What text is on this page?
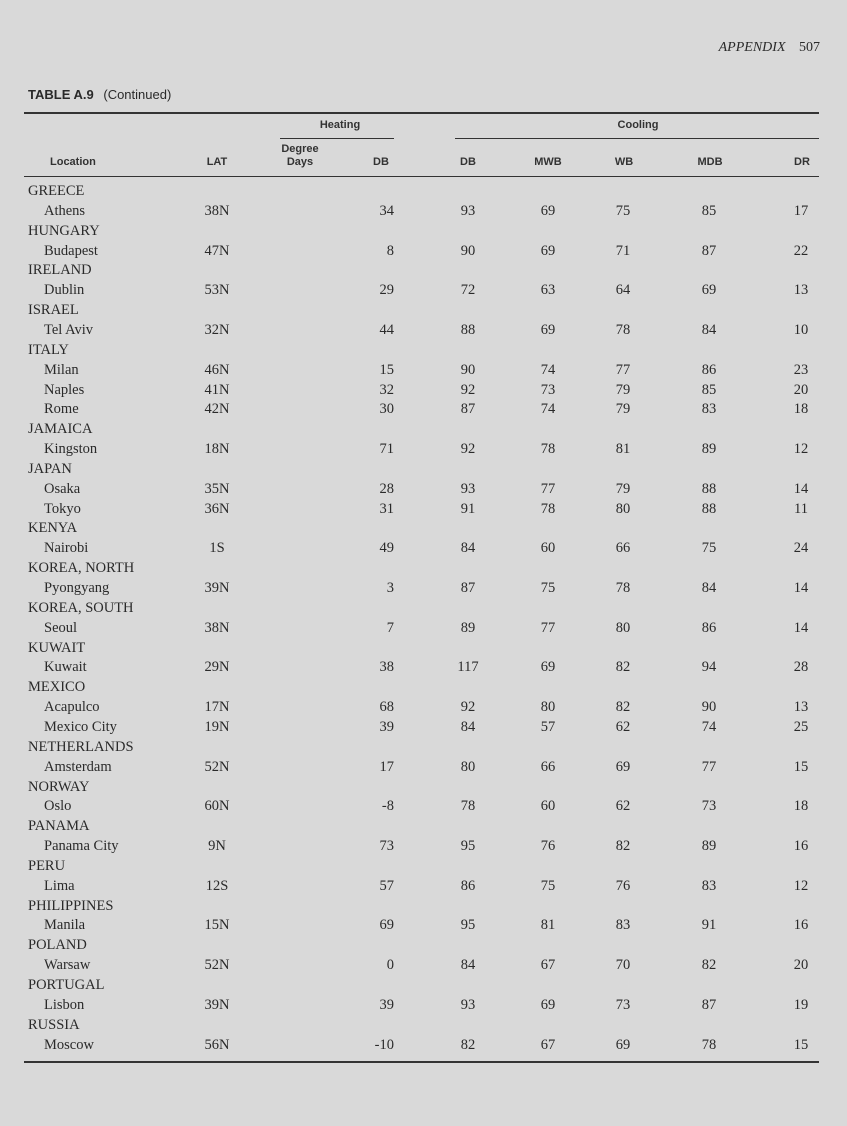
APPENDIX 507
TABLE A.9 (Continued)
Heating	Cooling
Location	LAT
Degree
Days	DB	DB	MWB	WB	MDB	DR
GREECE
Athens	38N	34	93	69	75	85	17
HUNGARY
Budapest	47N	8	90	69	71	87	22
IRELAND
Dublin	53N	29	72	63	64	69	13
ISRAEL
Tel Aviv	32N	44	88	69	78	84	10
ITALY
Milan	46N	15	90	74	77	86	23
Naples	41N	32	92	73	79	85	20
Rome	42N	30	87	74	79	83	18
JAMAICA
Kingston	18N	71	92	78	81	89	12
JAPAN
Osaka	35N	28	93	77	79	88	14
Tokyo	36N	31	91	78	80	88	11
KENYA
Nairobi	1S	49	84	60	66	75	24
KOREA, NORTH
Pyongyang	39N	3	87	75	78	84	14
KOREA, SOUTH
Seoul	38N	7	89	77	80	86	14
KUWAIT
Kuwait	29N	38	117	69	82	94	28
MEXICO
Acapulco	17N	68	92	80	82	90	13
Mexico City	19N	39	84	57	62	74	25
NETHERLANDS
Amsterdam	52N	17	80	66	69	77	15
NORWAY
Oslo	60N	-8	78	60	62	73	18
PANAMA
Panama City	9N	73	95	76	82	89	16
PERU
Lima	12S	57	86	75	76	83	12
PHILIPPINES
Manila	15N	69	95	81	83	91	16
POLAND
Warsaw	52N	0	84	67	70	82	20
PORTUGAL
Lisbon	39N	39	93	69	73	87	19
RUSSIA
Moscow	56N	-10	82	67	69	78	15
